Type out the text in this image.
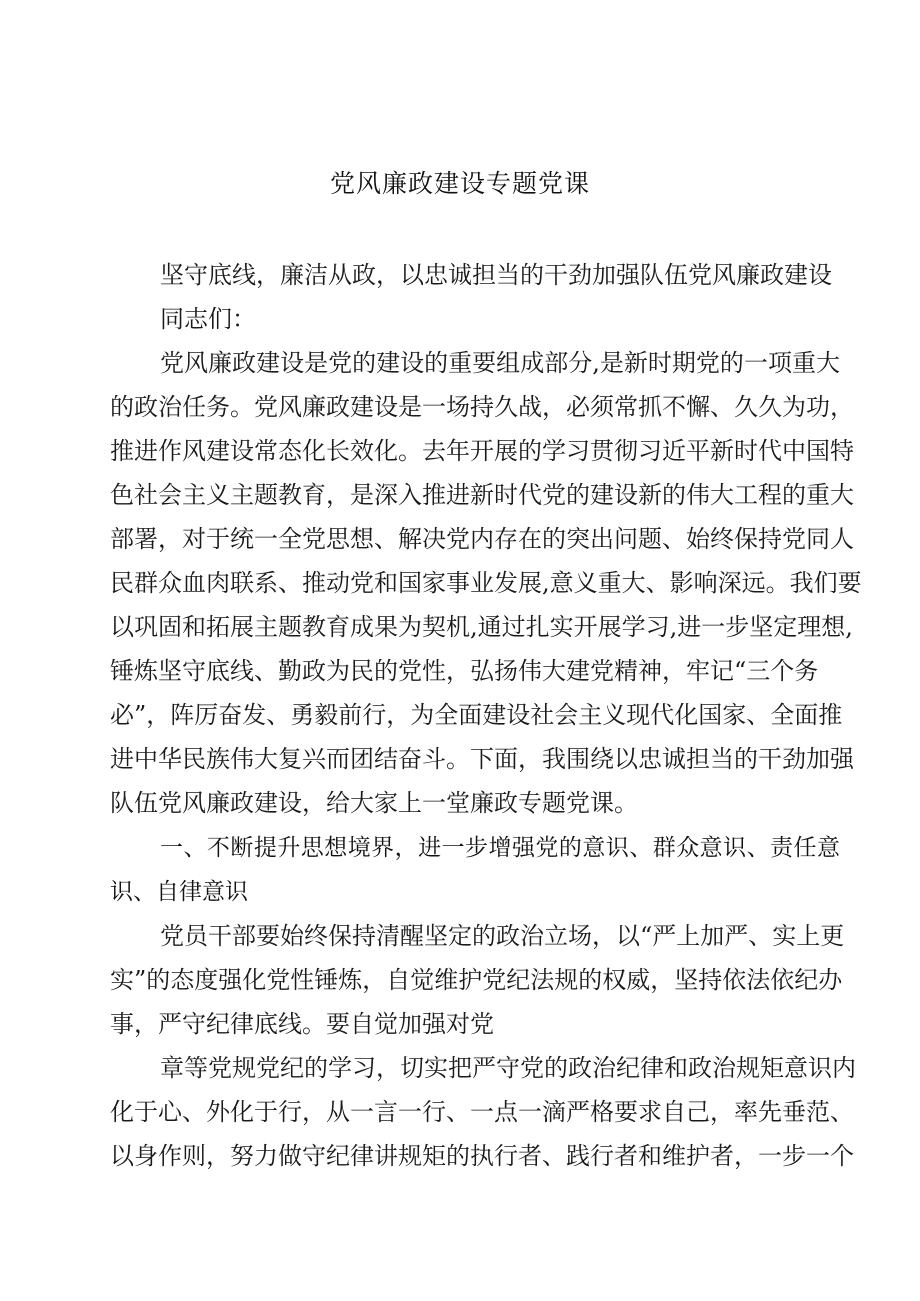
党风廉政建设专题党课
坚守底线，廉洁从政，以忠诚担当的干劲加强队伍党风廉政建设
同志们：
党风廉政建设是党的建设的重要组成部分,是新时期党的一项重大
的政治任务。党风廉政建设是一场持久战，必须常抓不懈、久久为功，
推进作风建设常态化长效化。去年开展的学习贯彻习近平新时代中国特
色社会主义主题教育，是深入推进新时代党的建设新的伟大工程的重大
部署，对于统一全党思想、解决党内存在的突出问题、始终保持党同人
民群众血肉联系、推动党和国家事业发展,意义重大、影响深远。我们要
以巩固和拓展主题教育成果为契机,通过扎实开展学习,进一步坚定理想,
锤炼坚守底线、勤政为民的党性，弘扬伟大建党精神，牢记“三个务
必”，阵厉奋发、勇毅前行，为全面建设社会主义现代化国家、全面推
进中华民族伟大复兴而团结奋斗。下面，我围绕以忠诚担当的干劲加强
队伍党风廉政建设，给大家上一堂廉政专题党课。
一、不断提升思想境界，进一步增强党的意识、群众意识、责任意
识、自律意识
党员干部要始终保持清醒坚定的政治立场，以“严上加严、实上更
实”的态度强化党性锤炼，自觉维护党纪法规的权威，坚持依法依纪办
事，严守纪律底线。要自觉加强对党
章等党规党纪的学习，切实把严守党的政治纪律和政治规矩意识内
化于心、外化于行，从一言一行、一点一滴严格要求自己，率先垂范、
以身作则，努力做守纪律讲规矩的执行者、践行者和维护者，一步一个
